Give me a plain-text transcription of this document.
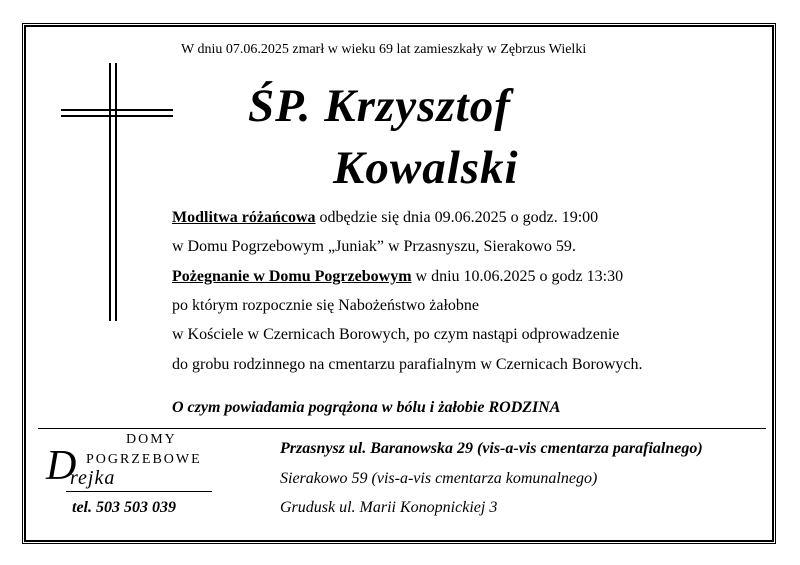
W dniu 07.06.2025 zmarł w wieku 69 lat zamieszkały w Zębrzus Wielki
ŚP. Krzysztof
Kowalski
Modlitwa różańcowa odbędzie się dnia 09.06.2025 o godz. 19:00
w Domu Pogrzebowym „Juniak” w Przasnyszu, Sierakowo 59.
Pożegnanie w Domu Pogrzebowym w dniu 10.06.2025 o godz 13:30
po którym rozpocznie się Nabożeństwo żałobne
w Kościele w Czernicach Borowych, po czym nastąpi odprowadzenie
do grobu rodzinnego na cmentarzu parafialnym w Czernicach Borowych.
O czym powiadamia pogrążona w bólu i żałobie RODZINA
DOMY
POGRZEBOWE
D
rejka
tel. 503 503 039
Przasnysz ul. Baranowska 29 (vis-a-vis cmentarza parafialnego)
Sierakowo 59 (vis-a-vis cmentarza komunalnego)
Grudusk ul. Marii Konopnickiej 3
